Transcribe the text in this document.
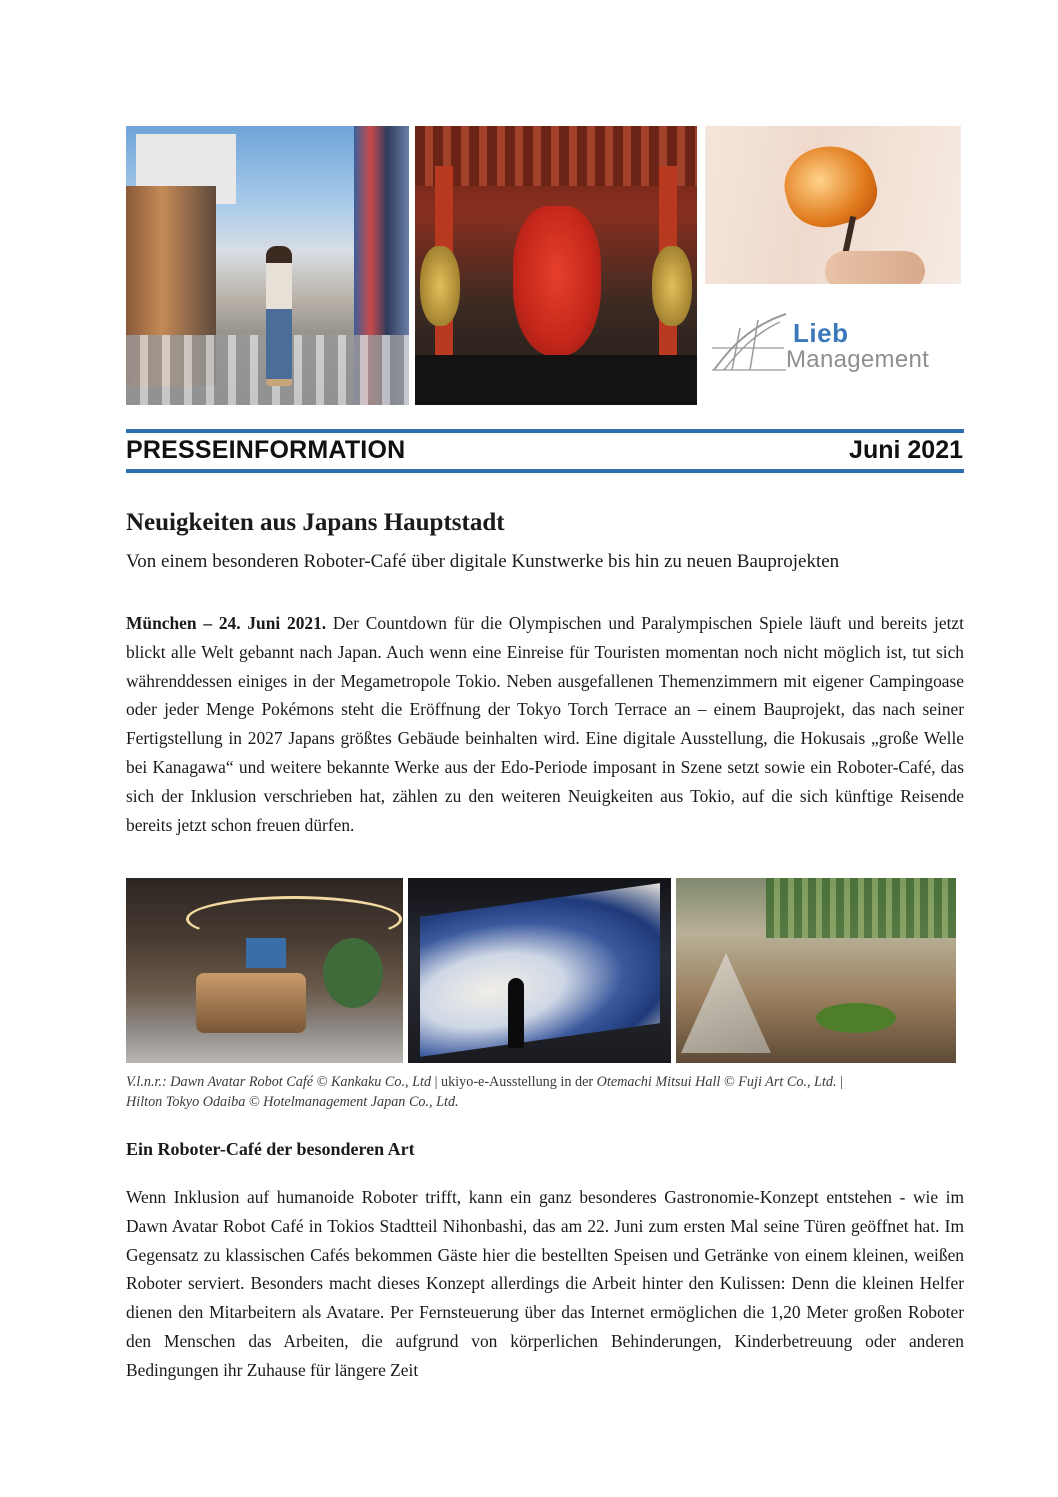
Lieb
Management
PRESSEINFORMATION	Juni 2021
Neuigkeiten aus Japans Hauptstadt
Von einem besonderen Roboter-Café über digitale Kunstwerke bis hin zu neuen Bauprojekten
München – 24. Juni 2021. Der Countdown für die Olympischen und Paralympischen Spiele läuft und bereits jetzt blickt alle Welt gebannt nach Japan. Auch wenn eine Einreise für Touristen momentan noch nicht möglich ist, tut sich währenddessen einiges in der Megametropole Tokio. Neben ausgefallenen Themenzimmern mit eigener Campingoase oder jeder Menge Pokémons steht die Eröffnung der Tokyo Torch Terrace an – einem Bauprojekt, das nach seiner Fertigstellung in 2027 Japans größtes Gebäude beinhalten wird. Eine digitale Ausstellung, die Hokusais „große Welle bei Kanagawa“ und weitere bekannte Werke aus der Edo-Periode imposant in Szene setzt sowie ein Roboter-Café, das sich der Inklusion verschrieben hat, zählen zu den weiteren Neuigkeiten aus Tokio, auf die sich künftige Reisende bereits jetzt schon freuen dürfen.
V.l.n.r.: Dawn Avatar Robot Café © Kankaku Co., Ltd | ukiyo-e-Ausstellung in der Otemachi Mitsui Hall © Fuji Art Co., Ltd. |
Hilton Tokyo Odaiba © Hotelmanagement Japan Co., Ltd.
Ein Roboter-Café der besonderen Art
Wenn Inklusion auf humanoide Roboter trifft, kann ein ganz besonderes Gastronomie-Konzept entstehen - wie im Dawn Avatar Robot Café in Tokios Stadtteil Nihonbashi, das am 22. Juni zum ersten Mal seine Türen geöffnet hat. Im Gegensatz zu klassischen Cafés bekommen Gäste hier die bestellten Speisen und Getränke von einem kleinen, weißen Roboter serviert. Besonders macht dieses Konzept allerdings die Arbeit hinter den Kulissen: Denn die kleinen Helfer dienen den Mitarbeitern als Avatare. Per Fernsteuerung über das Internet ermöglichen die 1,20 Meter großen Roboter den Menschen das Arbeiten, die aufgrund von körperlichen Behinderungen, Kinderbetreuung oder anderen Bedingungen ihr Zuhause für längere Zeit
